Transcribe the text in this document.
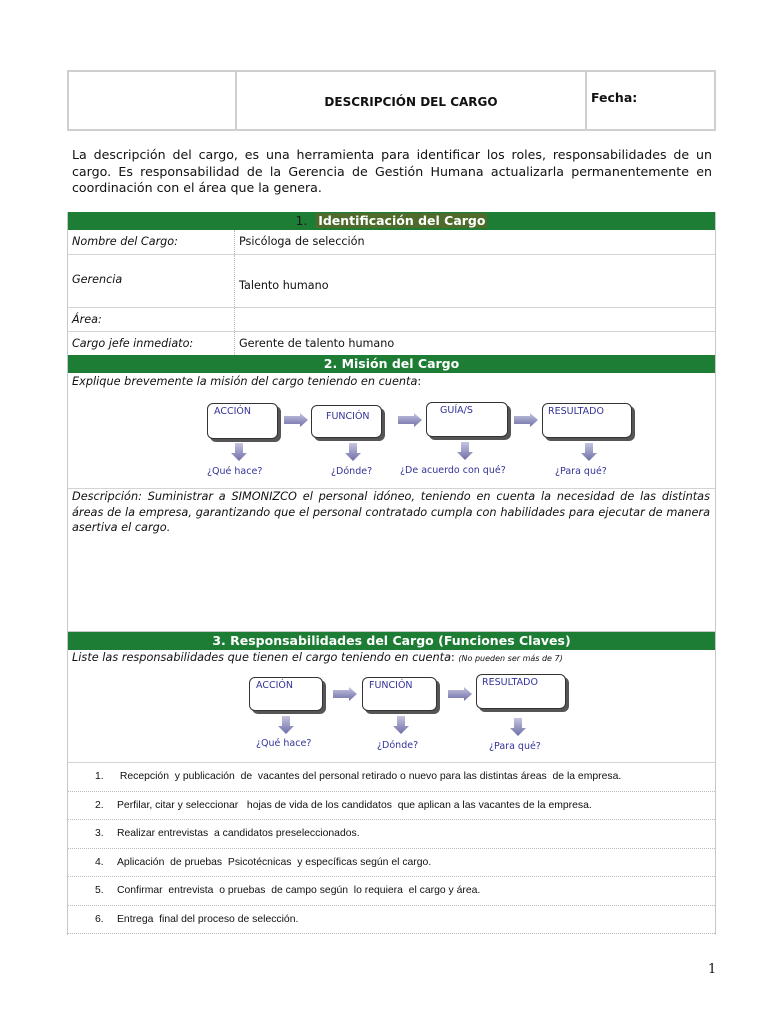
DESCRIPCIÓN DEL CARGO	Fecha:
La descripción del cargo, es una herramienta para identificar los roles, responsabilidades de un cargo. Es responsabilidad de la Gerencia de Gestión Humana actualizarla permanentemente en coordinación con el área que la genera.
1. Identificación del Cargo
Nombre del Cargo:	Psicóloga de selección
Gerencia	Talento humano
Área:	
Cargo jefe inmediato:	Gerente de talento humano
2. Misión del Cargo
Explique brevemente la misión del cargo teniendo en cuenta:
Descripción: Suministrar a SIMONIZCO el personal idóneo, teniendo en cuenta la necesidad de las distintas áreas de la empresa, garantizando que el personal contratado cumpla con habilidades para ejecutar de manera asertiva el cargo.
ACCIÓN	FUNCIÓN
GUÍA/S	RESULTADO
¿Qué hace?	¿Dónde?	¿De acuerdo con qué?	¿Para qué?
3. Responsabilidades del Cargo (Funciones Claves)
Liste las responsabilidades que tienen el cargo teniendo en cuenta: (No pueden ser más de 7)
1.	Recepción  y publicación  de  vacantes del personal retirado o nuevo para las distintas áreas  de la empresa.
2.	Perfilar, citar y seleccionar   hojas de vida de los candidatos  que aplican a las vacantes de la empresa.
3.	Realizar entrevistas  a candidatos preseleccionados.
4.	Aplicación  de pruebas  Psicotécnicas  y específicas según el cargo.
5.	Confirmar  entrevista  o pruebas  de campo según  lo requiera  el cargo y área.
6.	Entrega  final del proceso de selección.
ACCIÓN	FUNCIÓN	RESULTADO
¿Qué hace?	¿Dónde?	¿Para qué?
1
